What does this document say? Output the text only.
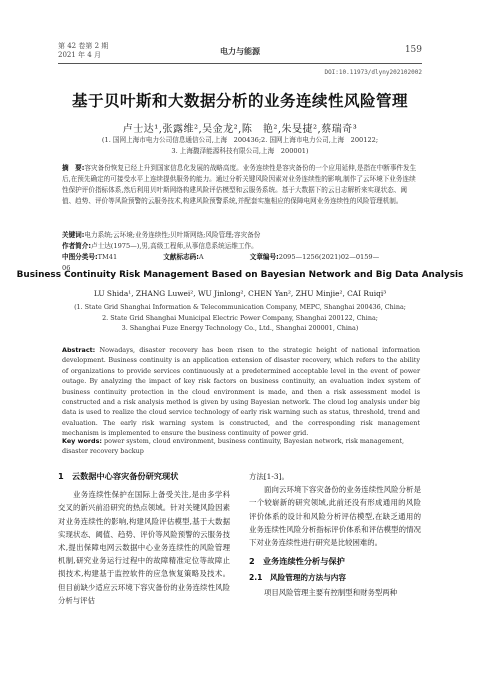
第 42 卷第 2 期
2021 年 4 月	电力与能源	159
DOI:10.11973/dlyny202102002
基于贝叶斯和大数据分析的业务连续性风险管理
卢士达¹,张露维²,吴金龙²,陈　艳²,朱旻捷²,蔡瑞奇³
(1. 国网上海市电力公司信息通信公司,上海　200436;2. 国网上海市电力公司,上海　200122;
3. 上海馥泽能源科技有限公司,上海　200001)
摘　要:容灾备份恢复已经上升到国家信息化发展的战略高度。业务连续性是容灾备份的一个应用延伸,是指在中断事件发生后,在预先确定的可接受水平上连续提供服务的能力。通过分析关键风险因素对业务连续性的影响,制作了云环境下业务连续性保护评价指标体系,然后利用贝叶斯网络构建风险评估模型和云服务系统。基于大数据下的云日志解析来实现状态、阈值、趋势、评价等风险预警的云服务技术,构建风险预警系统,并配套实施相应的保障电网业务连续性的风险管理机制。
关键词:电力系统;云环境;业务连续性;贝叶斯网络;风险管理;容灾备份
作者简介:卢士达(1975—),男,高级工程师,从事信息系统运维工作。
中图分类号:TM41	文献标志码:A	文章编号:2095—1256(2021)02—0159—06
Business Continuity Risk Management Based on Bayesian Network and Big Data Analysis
LU Shida¹, ZHANG Luwei², WU Jinlong², CHEN Yan², ZHU Minjie², CAI Ruiqi³
(1. State Grid Shanghai Information & Telecommunication Company, MEPC, Shanghai 200436, China;
2. State Grid Shanghai Municipal Electric Power Company, Shanghai 200122, China;
3. Shanghai Fuze Energy Technology Co., Ltd., Shanghai 200001, China)
Abstract: Nowadays, disaster recovery has been risen to the strategic height of national information development. Business continuity is an application extension of disaster recovery, which refers to the ability of organizations to provide services continuously at a predetermined acceptable level in the event of power outage. By analyzing the impact of key risk factors on business continuity, an evaluation index system of business continuity protection in the cloud environment is made, and then a risk assessment model is constructed and a risk analysis method is given by using Bayesian network. The cloud log analysis under big data is used to realize the cloud service technology of early risk warning such as status, threshold, trend and evaluation. The early risk warning system is constructed, and the corresponding risk management mechanism is implemented to ensure the business continuity of power grid.
Key words: power system, cloud environment, business continuity, Bayesian network, risk management, disaster recovery backup
1　云数据中心容灾备份研究现状

业务连续性保护在国际上备受关注,是由多学科交叉的新兴前沿研究的热点领域。针对关键风险因素对业务连续性的影响,构建风险评估模型,基于大数据实现状态、阈值、趋势、评价等风险预警的云服务技术,提出保障电网云数据中心业务连续性的风险管理机制,研究业务运行过程中的故障精准定位等故障止损技术,构建基于监控软件的应急恢复策略及技术。但目前缺少适应云环境下容灾备份的业务连续性风险分析与评估

方法[1-3]。

面向云环境下容灾备份的业务连续性风险分析是一个较崭新的研究领域,此前还没有形成通用的风险评价体系的设计和风险分析评估模型,在缺乏通用的业务连续性风险分析指标评价体系和评估模型的情况下对业务连续性进行研究是比较困难的。

2　业务连续性分析与保护
2.1　风险管理的方法与内容

项目风险管理主要有控制型和财务型两种
